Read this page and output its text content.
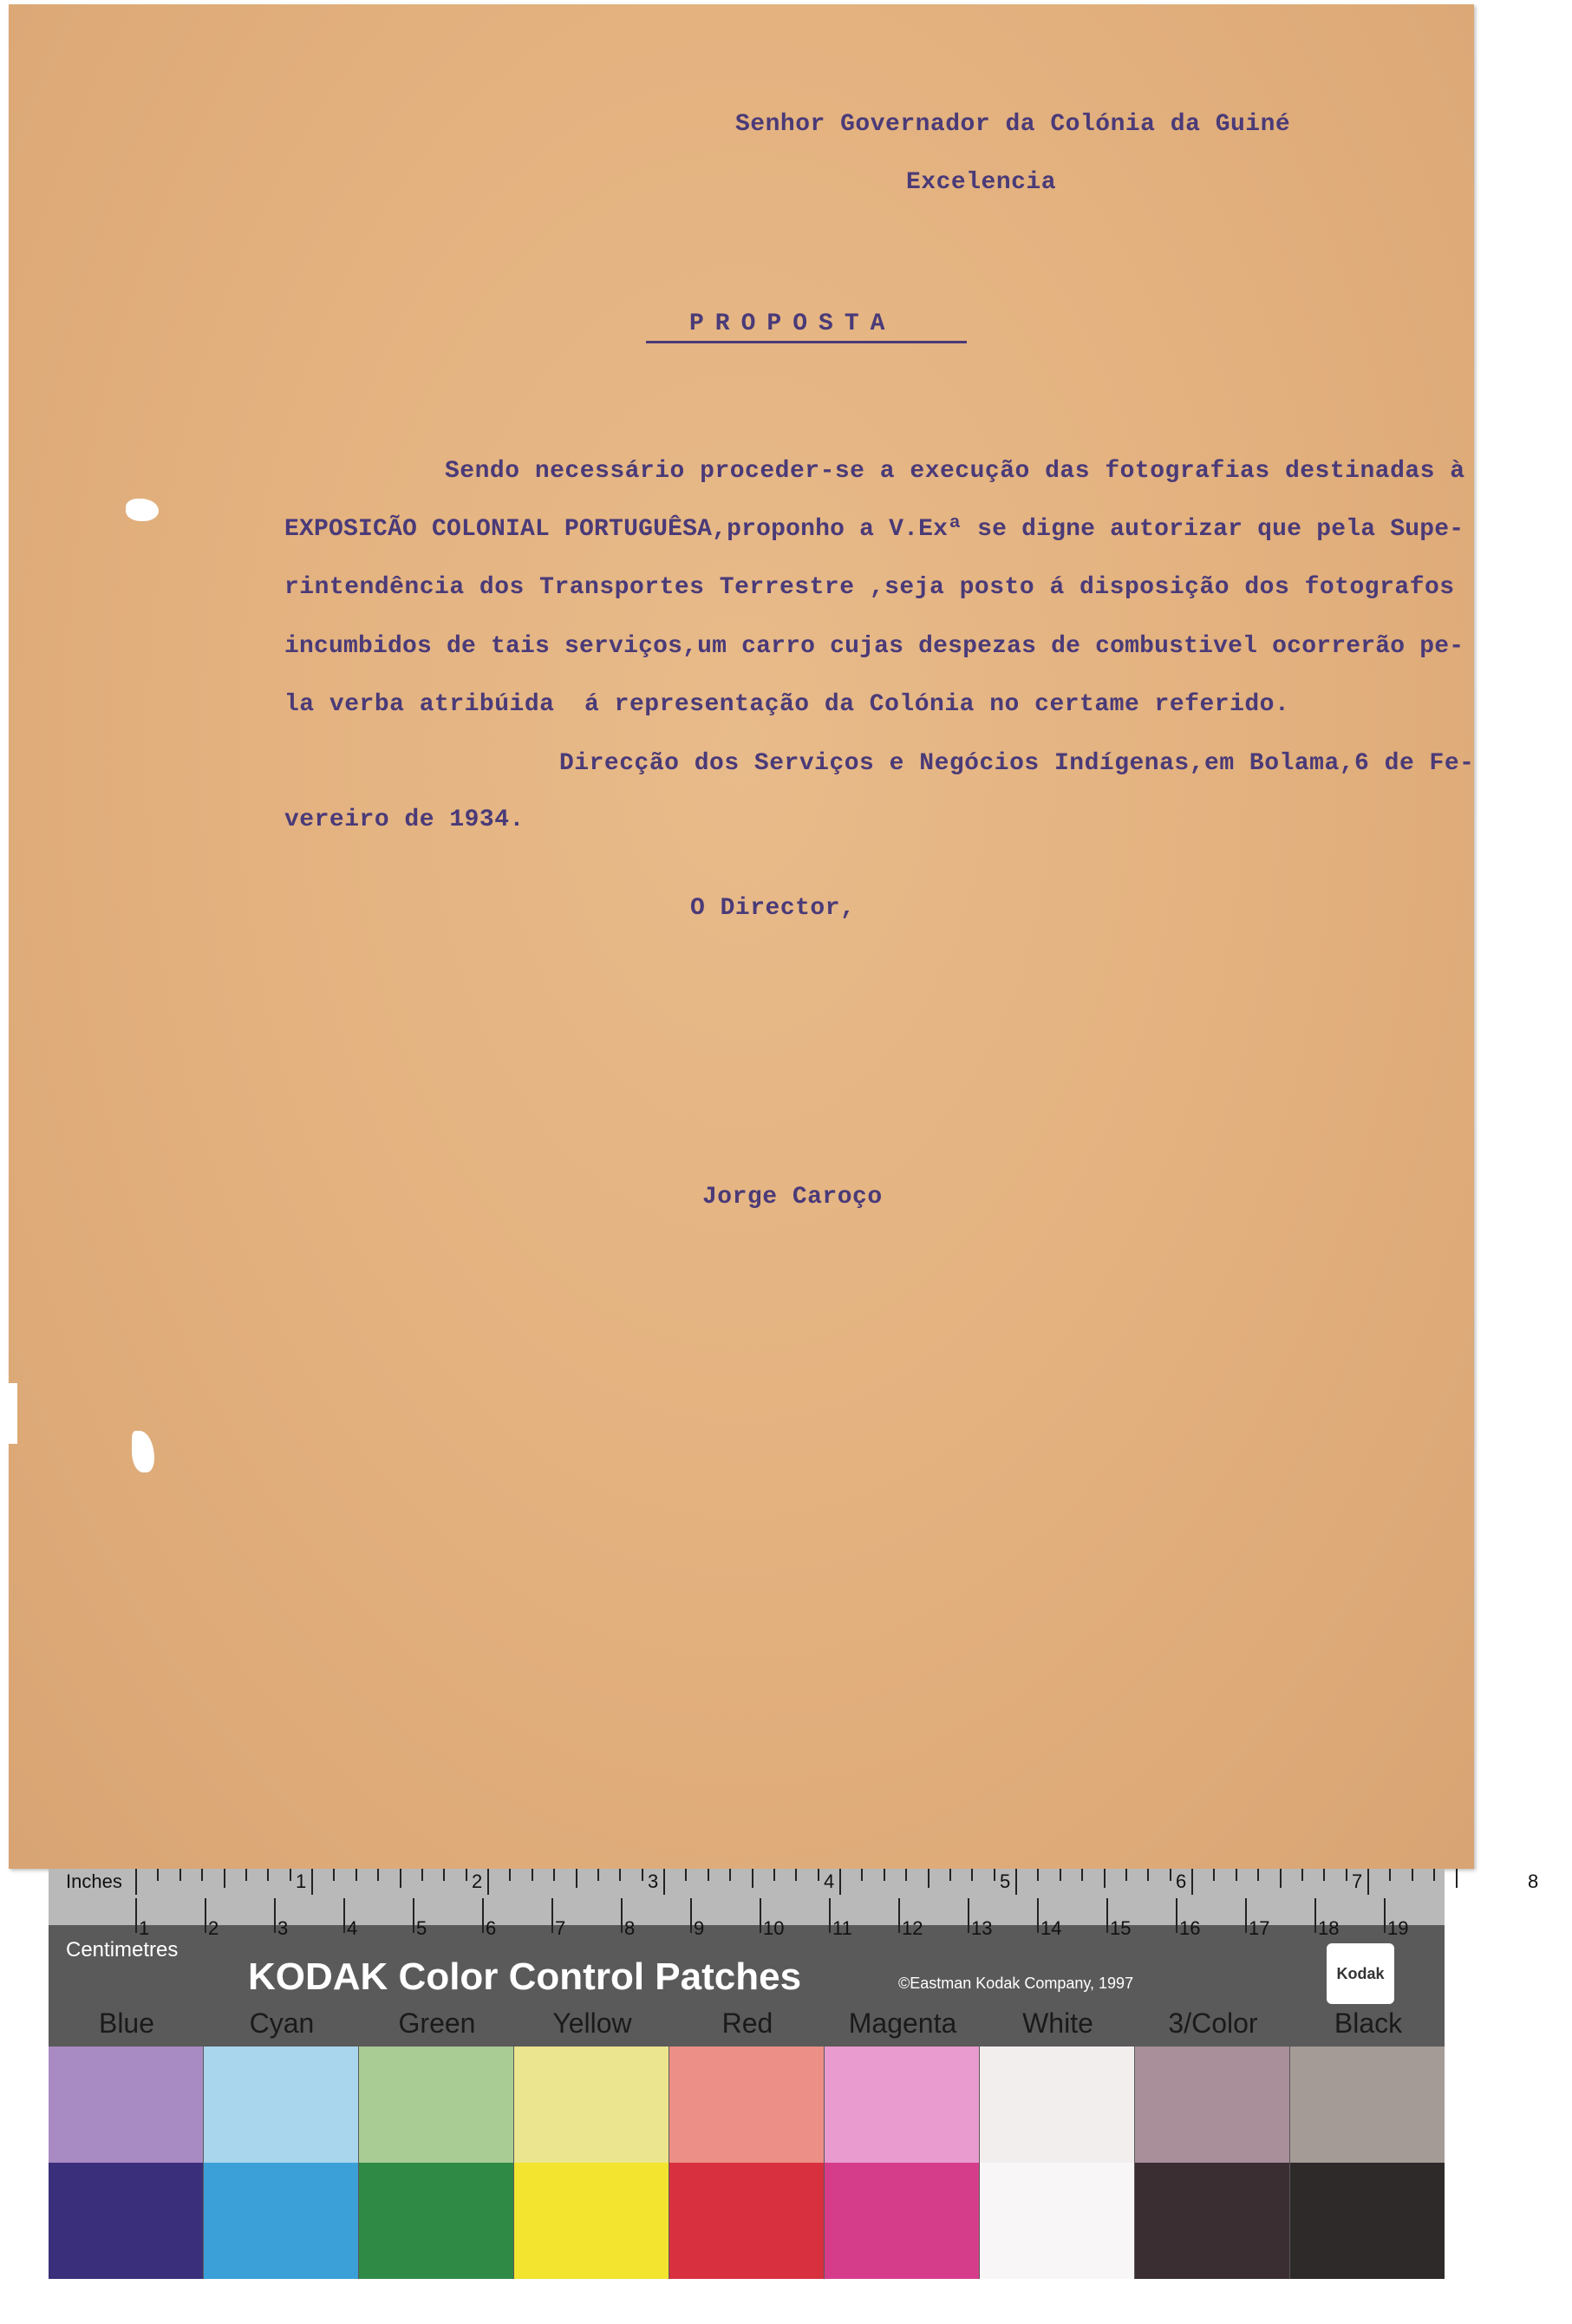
Senhor Governador da Colónia da Guiné
Excelencia
PROPOSTA
Sendo necessário proceder-se a execução das fotografias destinadas à
EXPOSICÃO COLONIAL PORTUGUÊSA,proponho a V.Exª se digne autorizar que pela Supe-
rintendência dos Transportes Terrestre ,seja posto á disposição dos fotografos
incumbidos de tais serviços,um carro cujas despezas de combustivel ocorrerão pe-
la verba atribúida  á representação da Colónia no certame referido.
Direcção dos Serviços e Negócios Indígenas,em Bolama,6 de Fe-
vereiro de 1934.
O Director,
Jorge Caroço
Inches	1	2	3	4	5	6	7	8
Centimetres
KODAK Color Control Patches	©Eastman Kodak Company, 1997
Kodak
Blue	Cyan	Green	Yellow	Red	Magenta	White	3/Color	Black
1	2	3	4	5	6	7	8	9	10	11	12	13	14	15	16	17	18	19
